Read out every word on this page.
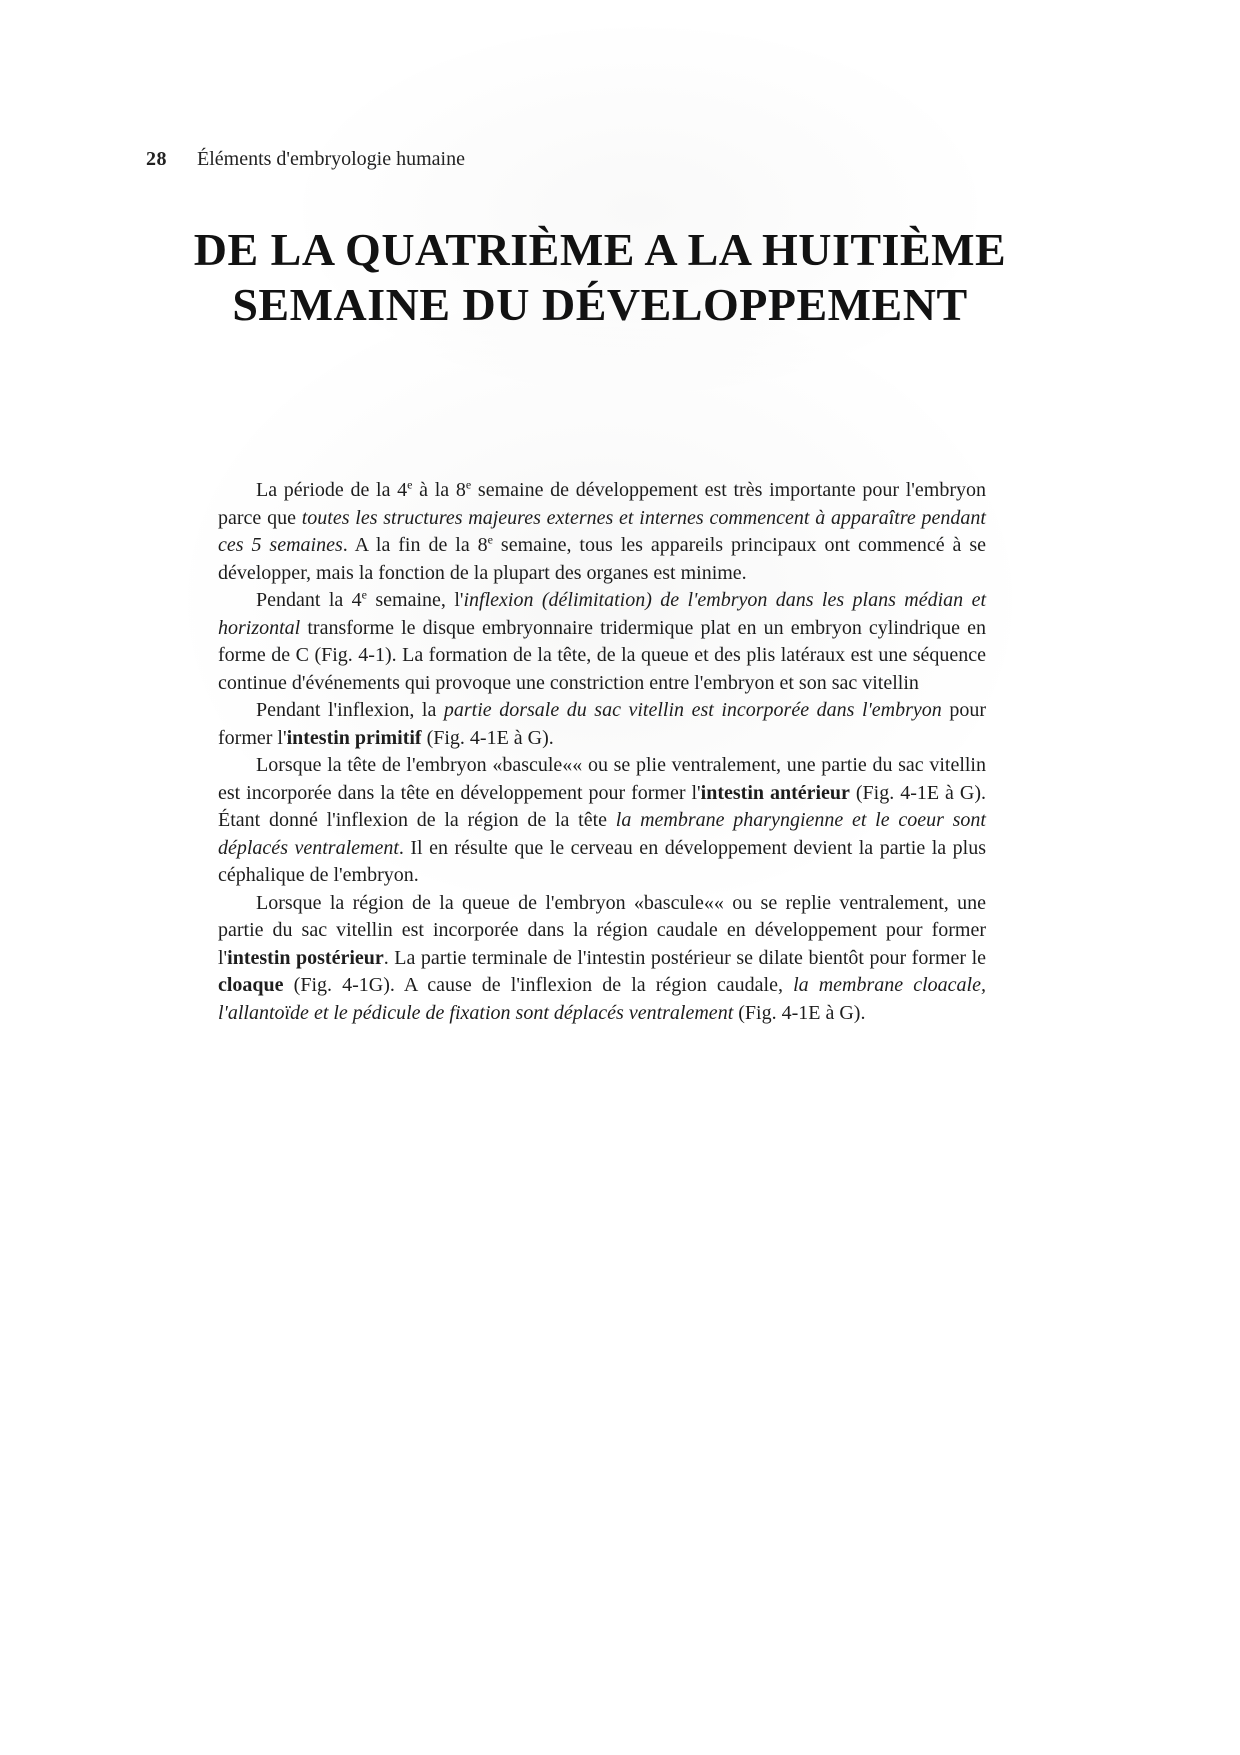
28 Éléments d'embryologie humaine
DE LA QUATRIÈME A LA HUITIÈME
SEMAINE DU DÉVELOPPEMENT

La période de la 4e à la 8e semaine de développement est très importante pour l'embryon parce que toutes les structures majeures externes et internes commencent à apparaître pendant ces 5 semaines. A la fin de la 8e semaine, tous les appareils principaux ont commencé à se développer, mais la fonction de la plupart des organes est minime.

Pendant la 4e semaine, l'inflexion (délimitation) de l'embryon dans les plans médian et horizontal transforme le disque embryonnaire tridermique plat en un embryon cylindrique en forme de C (Fig. 4-1). La formation de la tête, de la queue et des plis latéraux est une séquence continue d'événements qui provoque une constriction entre l'embryon et son sac vitellin

Pendant l'inflexion, la partie dorsale du sac vitellin est incorporée dans l'embryon pour former l'intestin primitif (Fig. 4-1E à G).

Lorsque la tête de l'embryon «bascule«« ou se plie ventralement, une partie du sac vitellin est incorporée dans la tête en développement pour former l'intestin antérieur (Fig. 4-1E à G). Étant donné l'inflexion de la région de la tête la membrane pharyngienne et le coeur sont déplacés ventralement. Il en résulte que le cerveau en développement devient la partie la plus céphalique de l'embryon.

Lorsque la région de la queue de l'embryon «bascule«« ou se replie ventralement, une partie du sac vitellin est incorporée dans la région caudale en développement pour former l'intestin postérieur. La partie terminale de l'intestin postérieur se dilate bientôt pour former le cloaque (Fig. 4-1G). A cause de l'inflexion de la région caudale, la membrane cloacale, l'allantoïde et le pédicule de fixation sont déplacés ventralement (Fig. 4-1E à G).
